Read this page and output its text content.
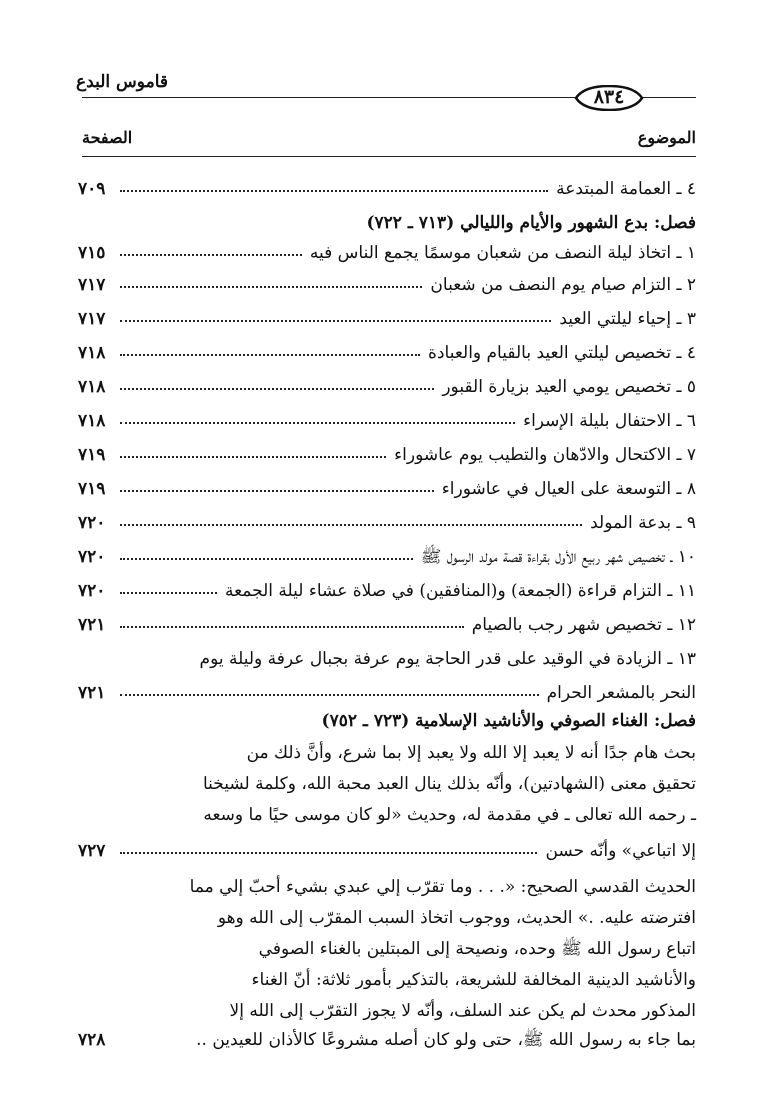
قاموس البدع
٨٣٤
الموضوع
الصفحة
٤ ـ العمامة المبتدعة
٧٠٩
فصل: بدع الشهور والأيام والليالي (٧١٣ ـ ٧٢٢)
١ ـ اتخاذ ليلة النصف من شعبان موسمًا يجمع الناس فيه
٧١٥
٢ ـ التزام صيام يوم النصف من شعبان
٧١٧
٣ ـ إحياء ليلتي العيد
٧١٧
٤ ـ تخصيص ليلتي العيد بالقيام والعبادة
٧١٨
٥ ـ تخصيص يومي العيد بزيارة القبور
٧١٨
٦ ـ الاحتفال بليلة الإسراء
٧١٨
٧ ـ الاكتحال والادّهان والتطيب يوم عاشوراء
٧١٩
٨ ـ التوسعة على العيال في عاشوراء
٧١٩
٩ ـ بدعة المولد
٧٢٠
١٠ ـ تخصيص شهر ربيع الأول بقراءة قصة مولد الرسول ﷺ
٧٢٠
١١ ـ التزام قراءة (الجمعة) و(المنافقين) في صلاة عشاء ليلة الجمعة
٧٢٠
١٢ ـ تخصيص شهر رجب بالصيام
٧٢١
١٣ ـ الزيادة في الوقيد على قدر الحاجة يوم عرفة بجبال عرفة وليلة يوم
النحر بالمشعر الحرام
٧٢١
فصل: الغناء الصوفي والأناشيد الإسلامية (٧٢٣ ـ ٧٥٢)
بحث هام جدًا أنه لا يعبد إلا الله ولا يعبد إلا بما شرع، وأنَّ ذلك من
تحقيق معنى (الشهادتين)، وأنّه بذلك ينال العبد محبة الله، وكلمة لشيخنا
ـ رحمه الله تعالى ـ في مقدمة له، وحديث «لو كان موسى حيًا ما وسعه
إلا اتباعي» وأنّه حسن
٧٢٧
الحديث القدسي الصحيح: «. . . وما تقرّب إلي عبدي بشيء أحبّ إلي مما
افترضته عليه. .» الحديث، ووجوب اتخاذ السبب المقرّب إلى الله وهو
اتباع رسول الله ﷺ وحده، ونصيحة إلى المبتلين بالغناء الصوفي
والأناشيد الدينية المخالفة للشريعة، بالتذكير بأمور ثلاثة: أنّ الغناء
المذكور محدث لم يكن عند السلف، وأنّه لا يجوز التقرّب إلى الله إلا
بما جاء به رسول الله ﷺ، حتى ولو كان أصله مشروعًا كالأذان للعيدين ..
٧٢٨
